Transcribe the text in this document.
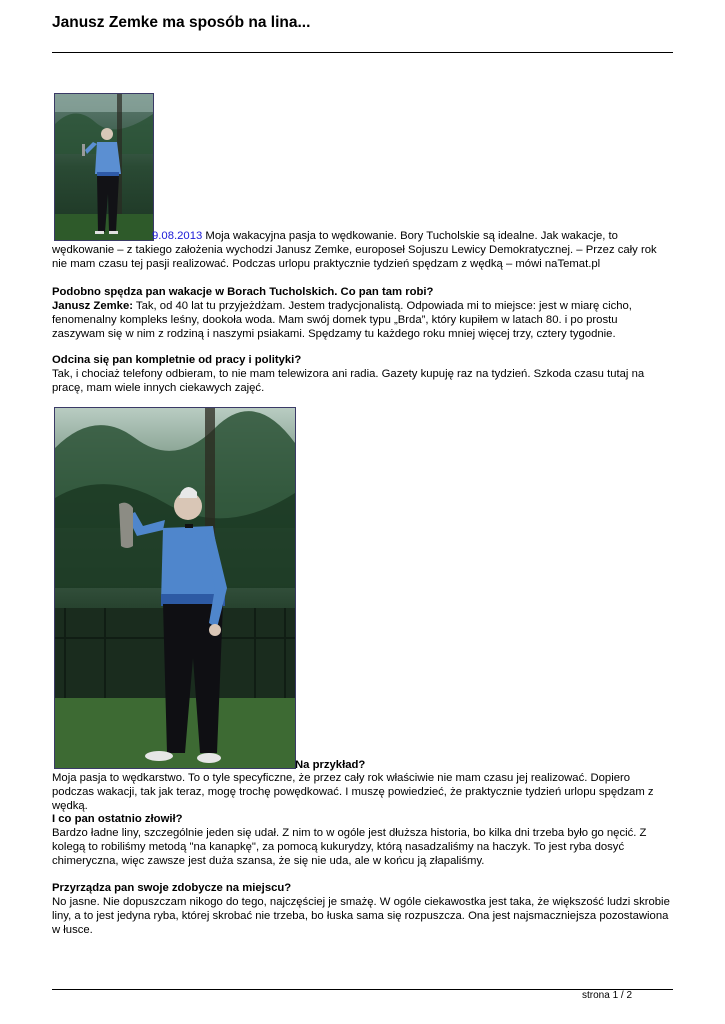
Janusz Zemke ma sposób na lina...

9.08.2013 Moja wakacyjna pasja to wędkowanie. Bory Tucholskie są idealne. Jak wakacje, to wędkowanie – z takiego założenia wychodzi Janusz Zemke, europoseł Sojuszu Lewicy Demokratycznej. – Przez cały rok nie mam czasu tej pasji realizować. Podczas urlopu praktycznie tydzień spędzam z wędką – mówi naTemat.pl

Podobno spędza pan wakacje w Borach Tucholskich. Co pan tam robi?

Janusz Zemke: Tak, od 40 lat tu przyjeżdżam. Jestem tradycjonalistą. Odpowiada mi to miejsce: jest w miarę cicho, fenomenalny kompleks leśny, dookoła woda. Mam swój domek typu „Brda”, który kupiłem w latach 80. i po prostu zaszywam się w nim z rodziną i naszymi psiakami. Spędzamy tu każdego roku mniej więcej trzy, cztery tygodnie.

Odcina się pan kompletnie od pracy i polityki?

Tak, i chociaż telefony odbieram, to nie mam telewizora ani radia. Gazety kupuję raz na tydzień. Szkoda czasu tutaj na pracę, mam wiele innych ciekawych zajęć.

Na przykład?

Moja pasja to wędkarstwo. To o tyle specyficzne, że przez cały rok właściwie nie mam czasu jej realizować. Dopiero podczas wakacji, tak jak teraz, mogę trochę powędkować. I muszę powiedzieć, że praktycznie tydzień urlopu spędzam z wędką.

I co pan ostatnio złowił?

Bardzo ładne liny, szczególnie jeden się udał. Z nim to w ogóle jest dłuższa historia, bo kilka dni trzeba było go nęcić. Z kolegą to robiliśmy metodą "na kanapkę", za pomocą kukurydzy, którą nasadzaliśmy na haczyk. To jest ryba dosyć chimeryczna, więc zawsze jest duża szansa, że się nie uda, ale w końcu ją złapaliśmy.

Przyrządza pan swoje zdobycze na miejscu?

No jasne. Nie dopuszczam nikogo do tego, najczęściej je smażę. W ogóle ciekawostka jest taka, że większość ludzi skrobie liny, a to jest jedyna ryba, której skrobać nie trzeba, bo łuska sama się rozpuszcza. Ona jest najsmaczniejsza pozostawiona w łusce.

strona 1 / 2
